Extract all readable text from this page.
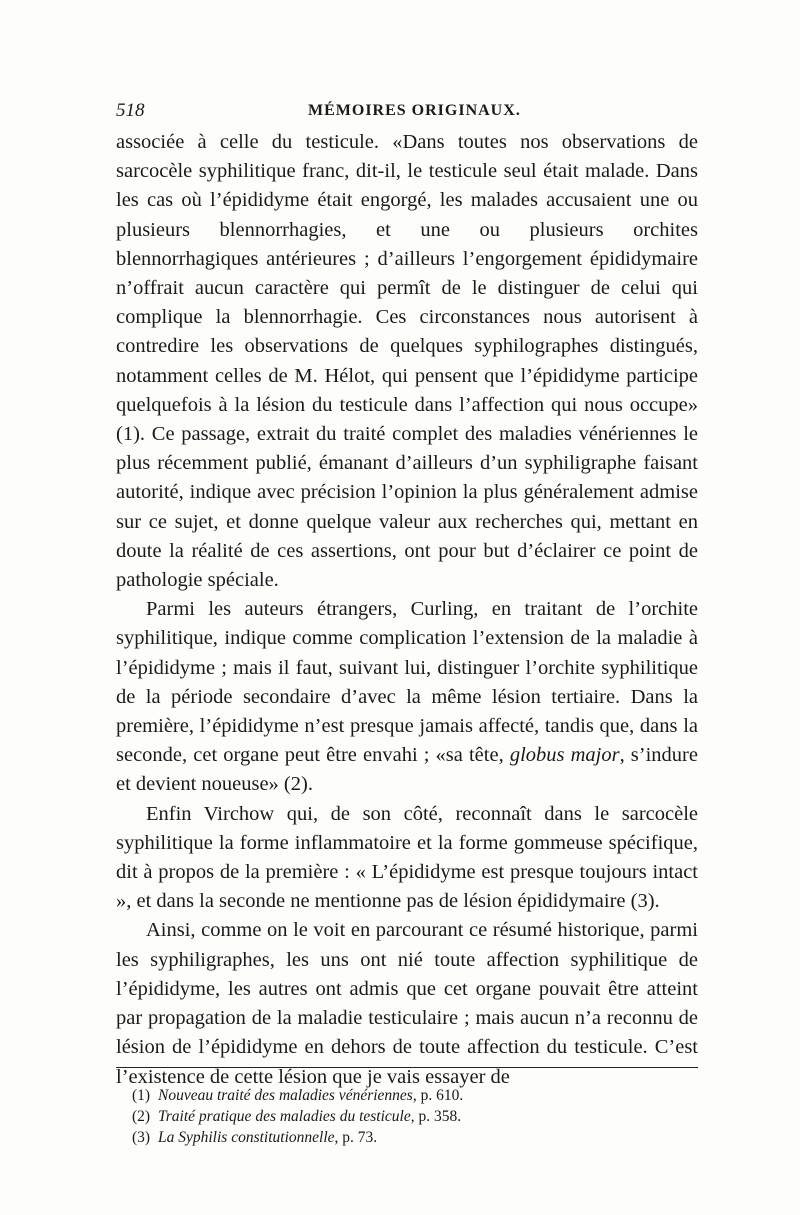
518	MÉMOIRES ORIGINAUX.

associée à celle du testicule. «Dans toutes nos observations de sarcocèle syphilitique franc, dit-il, le testicule seul était malade. Dans les cas où l’épididyme était engorgé, les malades accusaient une ou plusieurs blennorrhagies, et une ou plusieurs orchites blennorrhagiques antérieures ; d’ailleurs l’engorgement épididymaire n’offrait aucun caractère qui permît de le distinguer de celui qui complique la blennorrhagie. Ces circonstances nous autorisent à contredire les observations de quelques syphilographes distingués, notamment celles de M. Hélot, qui pensent que l’épididyme participe quelquefois à la lésion du testicule dans l’affection qui nous occupe» (1). Ce passage, extrait du traité complet des maladies vénériennes le plus récemment publié, émanant d’ailleurs d’un syphiligraphe faisant autorité, indique avec précision l’opinion la plus généralement admise sur ce sujet, et donne quelque valeur aux recherches qui, mettant en doute la réalité de ces assertions, ont pour but d’éclairer ce point de pathologie spéciale.

Parmi les auteurs étrangers, Curling, en traitant de l’orchite syphilitique, indique comme complication l’extension de la maladie à l’épididyme ; mais il faut, suivant lui, distinguer l’orchite syphilitique de la période secondaire d’avec la même lésion tertiaire. Dans la première, l’épididyme n’est presque jamais affecté, tandis que, dans la seconde, cet organe peut être envahi ; «sa tête, globus major, s’indure et devient noueuse» (2).

Enfin Virchow qui, de son côté, reconnaît dans le sarcocèle syphilitique la forme inflammatoire et la forme gommeuse spécifique, dit à propos de la première : « L’épididyme est presque toujours intact », et dans la seconde ne mentionne pas de lésion épididymaire (3).

Ainsi, comme on le voit en parcourant ce résumé historique, parmi les syphiligraphes, les uns ont nié toute affection syphilitique de l’épididyme, les autres ont admis que cet organe pouvait être atteint par propagation de la maladie testiculaire ; mais aucun n’a reconnu de lésion de l’épididyme en dehors de toute affection du testicule. C’est l’existence de cette lésion que je vais essayer de

(1) Nouveau traité des maladies vénériennes, p. 610.
(2) Traité pratique des maladies du testicule, p. 358.
(3) La Syphilis constitutionnelle, p. 73.
